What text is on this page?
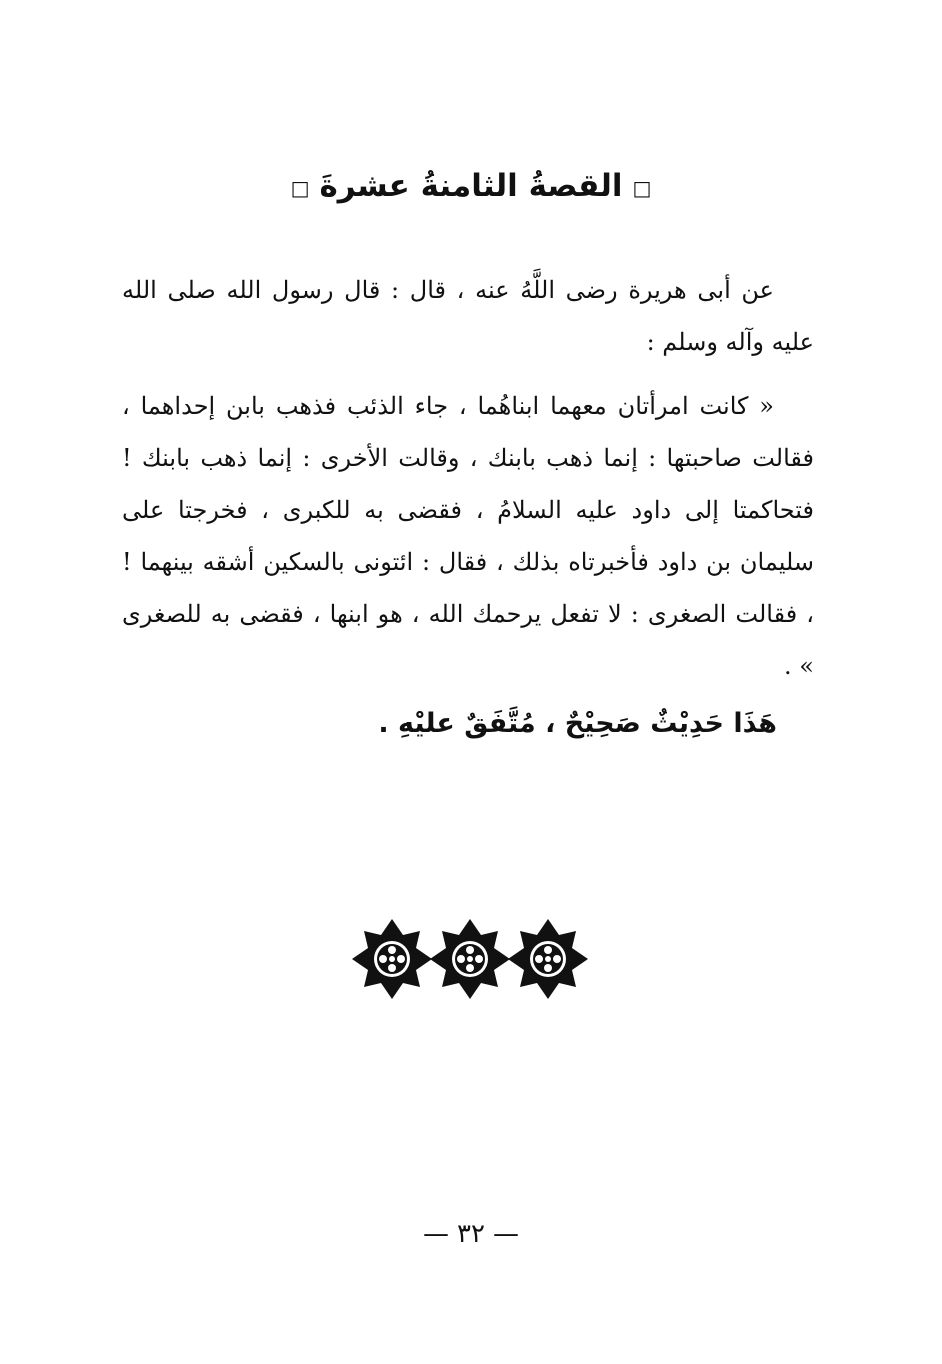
□القصةُ الثامنةُ عشرةَ□

عن أبى هريرة رضى اللَّهُ عنه ، قال : قال رسول الله صلى الله عليه وآله وسلم :

« كانت امرأتان معهما ابناهُما ، جاء الذئب فذهب بابن إحداهما ، فقالت صاحبتها : إنما ذهب بابنك ، وقالت الأخرى : إنما ذهب بابنك ! فتحاكمتا إلى داود عليه السلامُ ، فقضى به للكبرى ، فخرجتا على سليمان بن داود فأخبرتاه بذلك ، فقال : ائتونى بالسكين أشقه بينهما ! ، فقالت الصغرى : لا تفعل يرحمك الله ، هو ابنها ، فقضى به للصغرى » .

هَذَا حَدِيْثٌ صَحِيْحٌ ، مُتَّفَقٌ عليْهِ .
—٣٢—
